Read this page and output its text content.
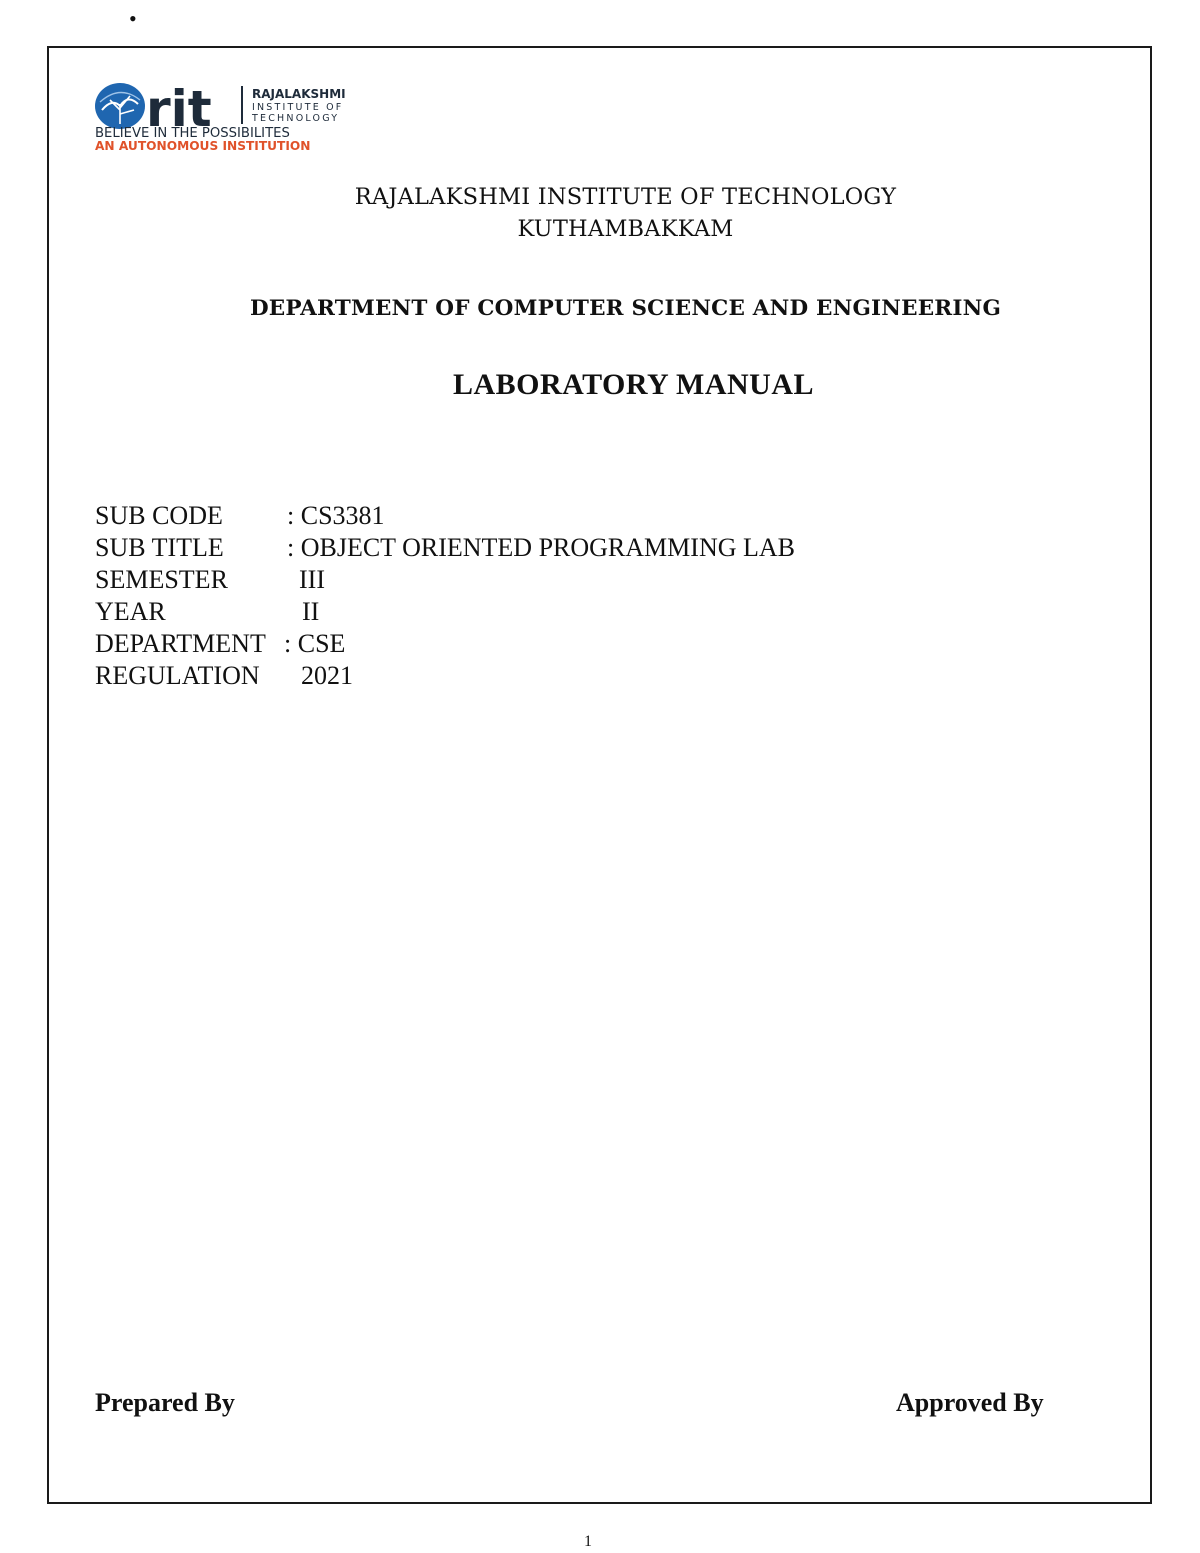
•
rit	RAJALAKSHMI
INSTITUTE OF
TECHNOLOGY
BELIEVE IN THE POSSIBILITES
AN AUTONOMOUS INSTITUTION
RAJALAKSHMI INSTITUTE OF TECHNOLOGY
KUTHAMBAKKAM
DEPARTMENT OF COMPUTER SCIENCE AND ENGINEERING
LABORATORY MANUAL
SUB CODE : CS3381
SUB TITLE : OBJECT ORIENTED PROGRAMMING LAB
SEMESTER	III
YEAR	II
DEPARTMENT : CSE
REGULATION 2021
Prepared By	Approved By
1
